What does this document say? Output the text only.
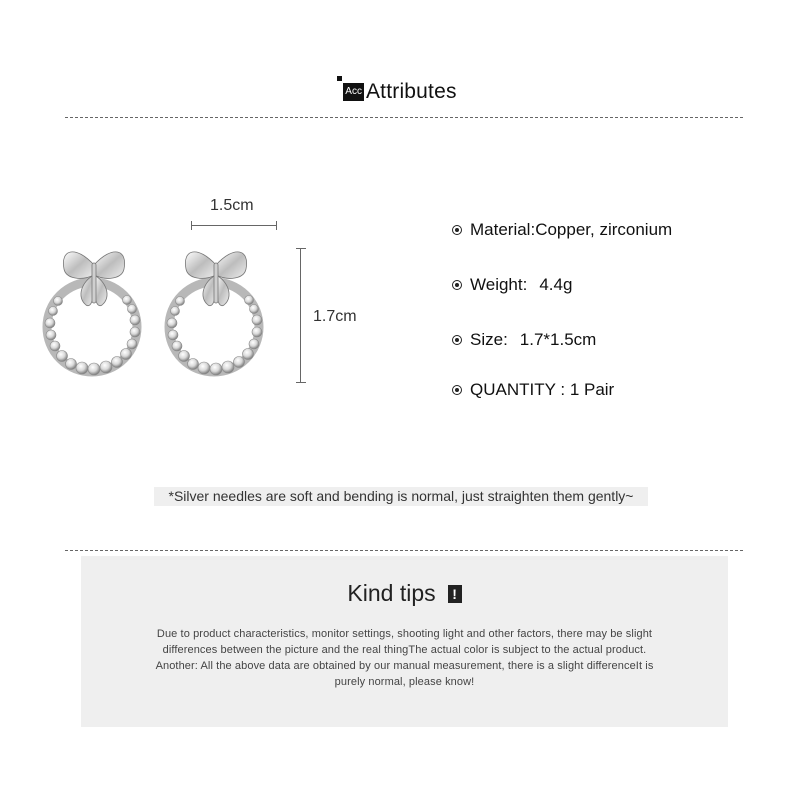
Acc Attributes
1.5cm
1.7cm
Material: Copper, zirconium
Weight: 4.4g
Size: 1.7*1.5cm
QUANTITY : 1 Pair
*Silver needles are soft and bending is normal, just straighten them gently~
Kind tips	!
Due to product characteristics, monitor settings, shooting light and other factors, there may be slight
differences between the picture and the real thingThe actual color is subject to the actual product.
Another: All the above data are obtained by our manual measurement, there is a slight differenceIt is
purely normal, please know!
